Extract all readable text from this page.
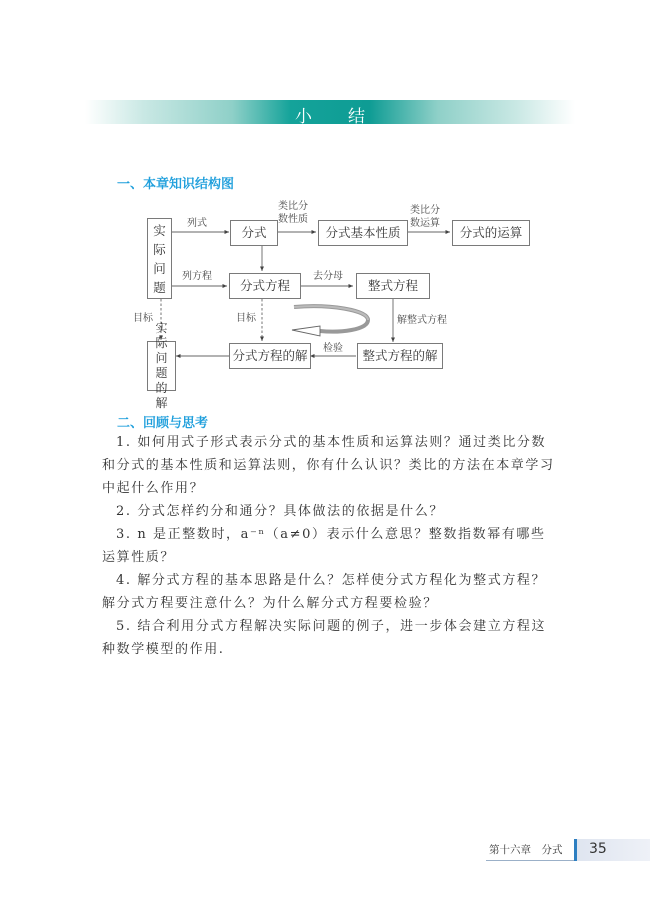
小结
一、本章知识结构图
实际问题
分式	分式基本性质	分式的运算
分式方程	整式方程
整式方程的解
分式方程的解
实际问题的解
列式
列方程
类比分
数性质
类比分
数运算
去分母
解整式方程
检验
目标	目标
二、回顾与思考
1. 如何用式子形式表示分式的基本性质和运算法则？通过类比分数和分式的基本性质和运算法则，你有什么认识？类比的方法在本章学习中起什么作用？
2. 分式怎样约分和通分？具体做法的依据是什么？
3. n 是正整数时，a⁻ⁿ（a≠0）表示什么意思？整数指数幂有哪些运算性质？
4. 解分式方程的基本思路是什么？怎样使分式方程化为整式方程？解分式方程要注意什么？为什么解分式方程要检验？
5. 结合利用分式方程解决实际问题的例子，进一步体会建立方程这种数学模型的作用.
第十六章　分式 35
